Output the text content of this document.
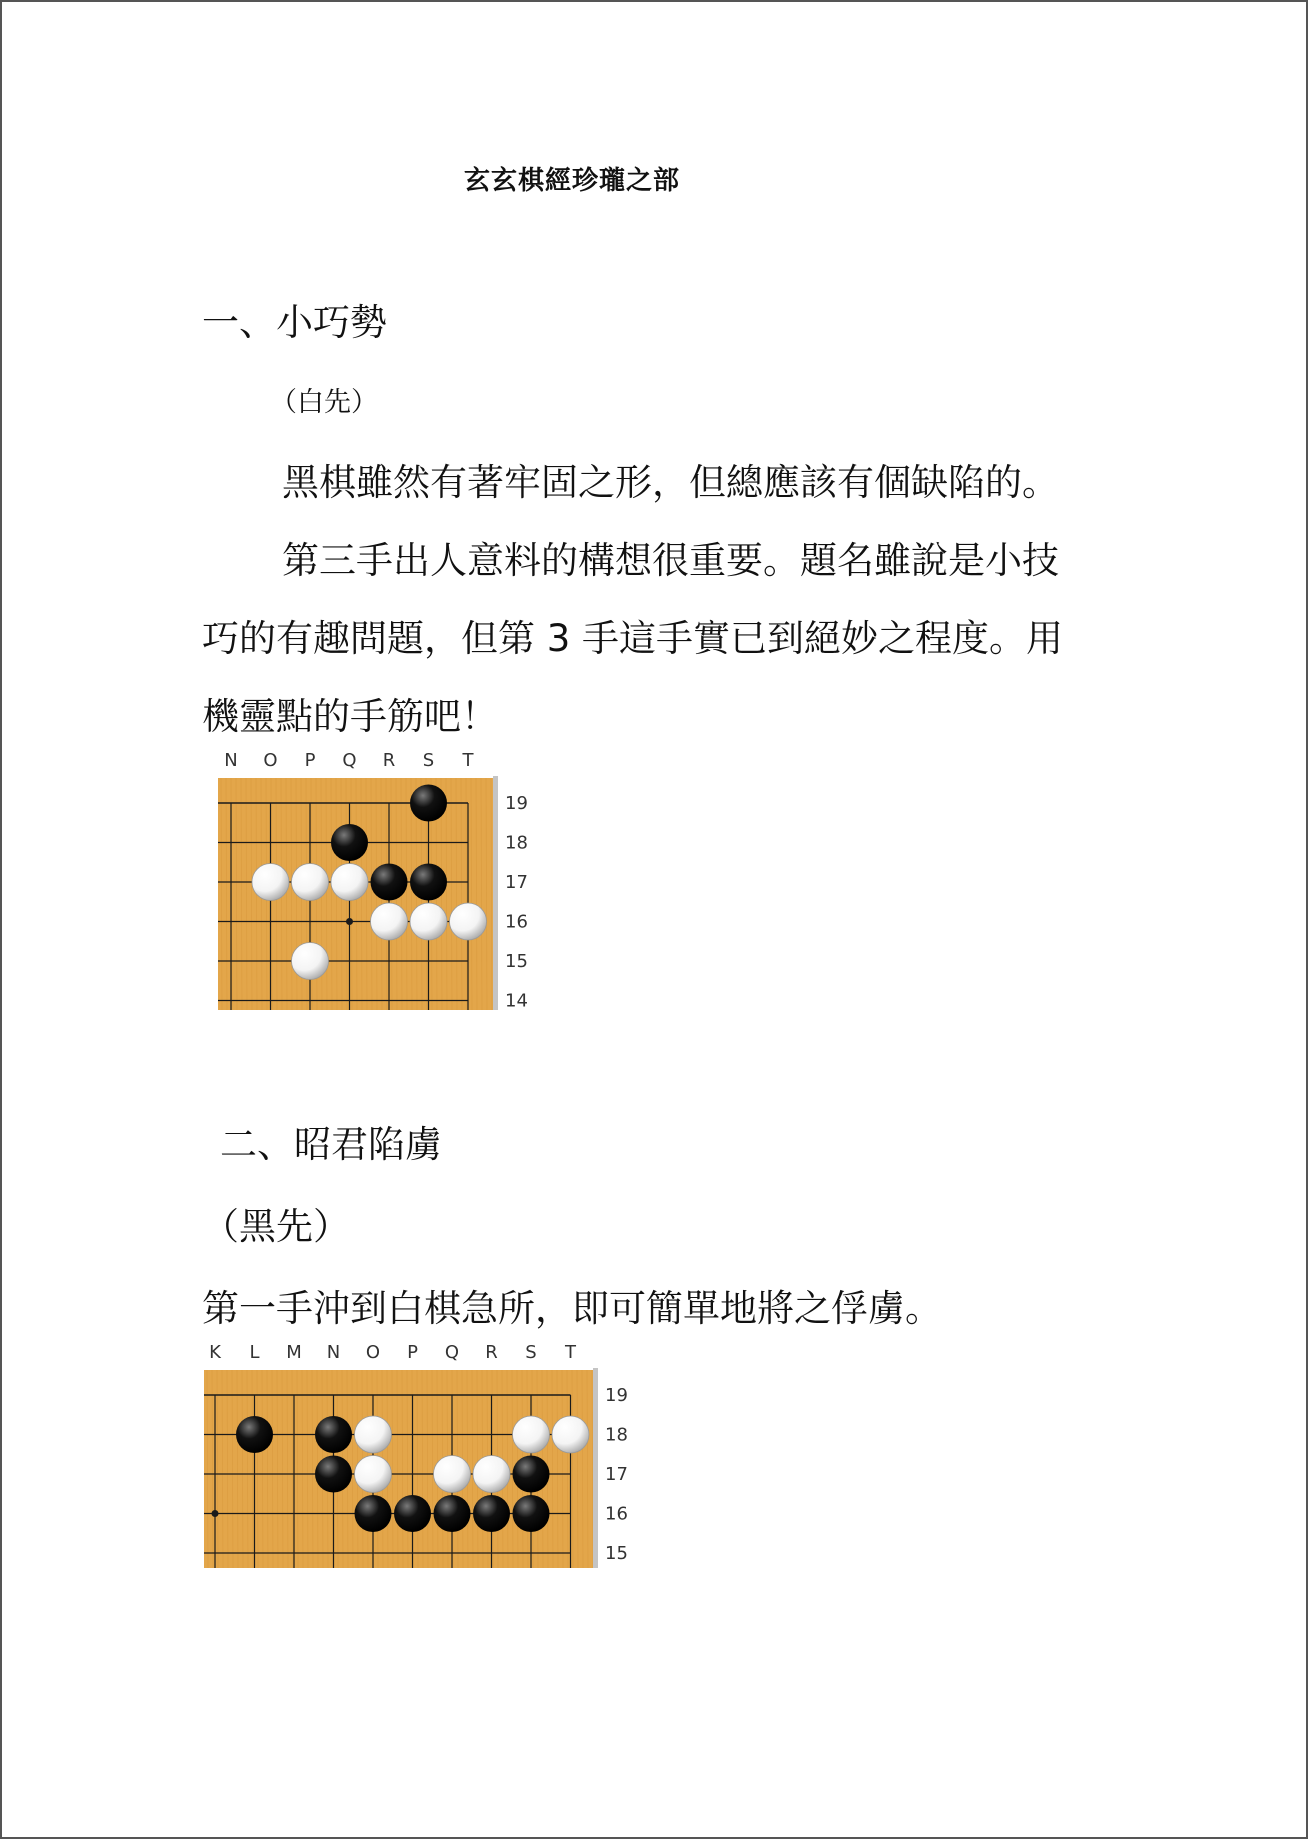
玄玄棋經珍瓏之部
一、小巧勢
（白先）
黑棋雖然有著牢固之形，但總應該有個缺陷的。
第三手出人意料的構想很重要。題名雖說是小技
巧的有趣問題，但第 3 手這手實已到絕妙之程度。用
機靈點的手筋吧！
N O P Q R S T
19
18
17
16
15
14
二、昭君陷虜
（黑先）
第一手沖到白棋急所，即可簡單地將之俘虜。
K L M N O P Q R S T
19
18
17
16
15
